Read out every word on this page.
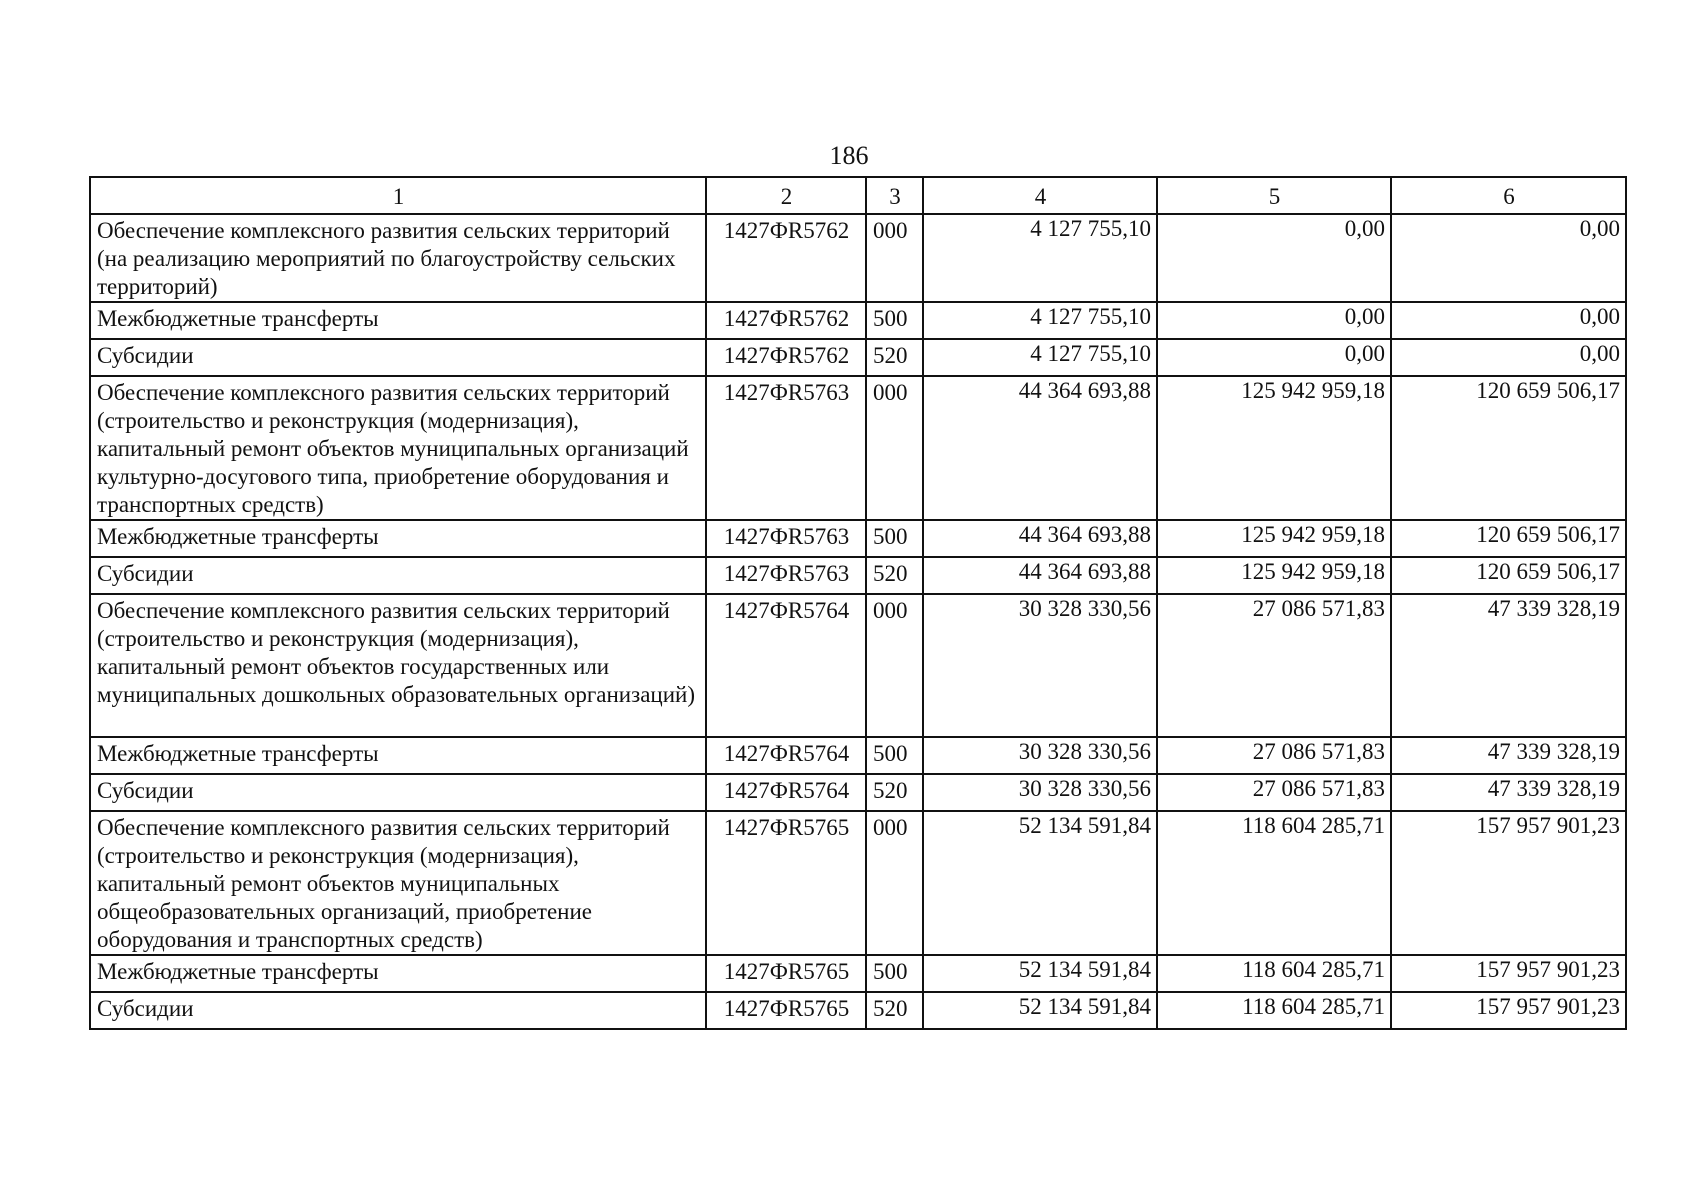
186
1	2	3	4	5	6
Обеспечение комплексного развития сельских территорий (на реализацию мероприятий по благоустройству сельских территорий)	1427ФR5762	000	4 127 755,10	0,00	0,00
Межбюджетные трансферты	1427ФR5762	500	4 127 755,10	0,00	0,00
Субсидии	1427ФR5762	520	4 127 755,10	0,00	0,00
Обеспечение комплексного развития сельских территорий (строительство и реконструкция (модернизация), капитальный ремонт объектов муниципальных организаций культурно-досугового типа, приобретение оборудования и транспортных средств)	1427ФR5763	000	44 364 693,88	125 942 959,18	120 659 506,17
Межбюджетные трансферты	1427ФR5763	500	44 364 693,88	125 942 959,18	120 659 506,17
Субсидии	1427ФR5763	520	44 364 693,88	125 942 959,18	120 659 506,17
Обеспечение комплексного развития сельских территорий (строительство и реконструкция (модернизация), капитальный ремонт объектов государственных или муниципальных дошкольных образовательных организаций)	1427ФR5764	000	30 328 330,56	27 086 571,83	47 339 328,19
Межбюджетные трансферты	1427ФR5764	500	30 328 330,56	27 086 571,83	47 339 328,19
Субсидии	1427ФR5764	520	30 328 330,56	27 086 571,83	47 339 328,19
Обеспечение комплексного развития сельских территорий (строительство и реконструкция (модернизация), капитальный ремонт объектов муниципальных общеобразовательных организаций, приобретение оборудования и транспортных средств)	1427ФR5765	000	52 134 591,84	118 604 285,71	157 957 901,23
Межбюджетные трансферты	1427ФR5765	500	52 134 591,84	118 604 285,71	157 957 901,23
Субсидии	1427ФR5765	520	52 134 591,84	118 604 285,71	157 957 901,23
